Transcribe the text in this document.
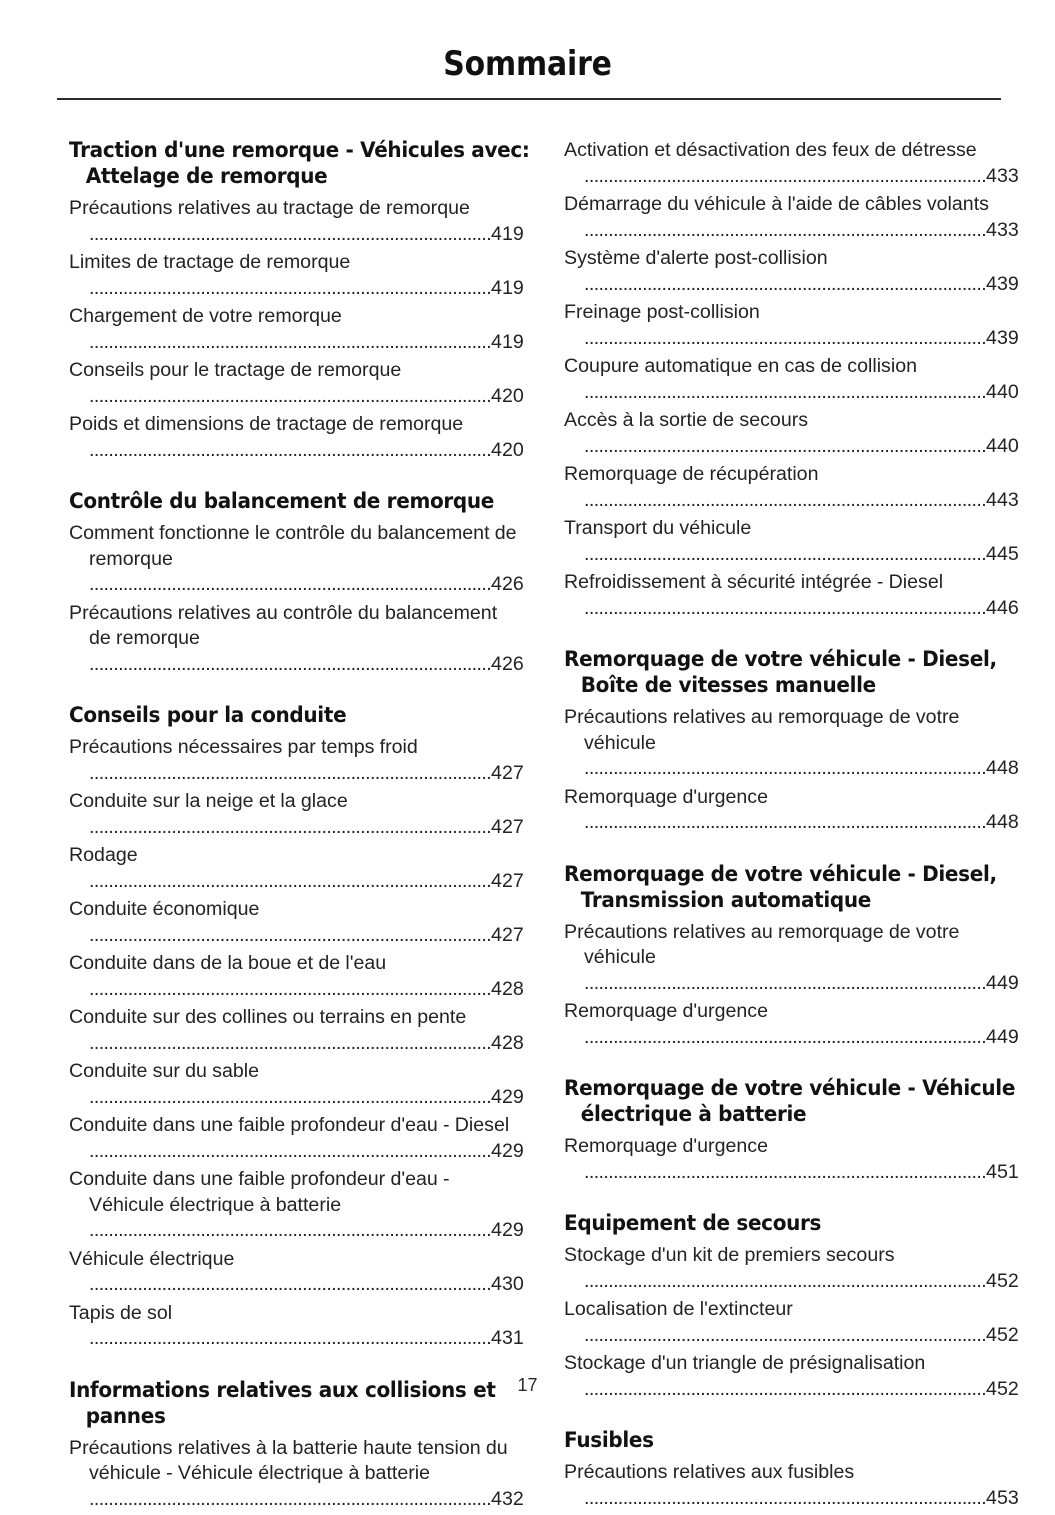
Sommaire
Traction d'une remorque - Véhicules avec: Attelage de remorque
Précautions relatives au tractage de remorque ...................................................................................419
Limites de tractage de remorque ...................................................................................419
Chargement de votre remorque ...................................................................................419
Conseils pour le tractage de remorque ...................................................................................420
Poids et dimensions de tractage de remorque ...................................................................................420
Contrôle du balancement de remorque
Comment fonctionne le contrôle du balancement de remorque ...................................................................................426
Précautions relatives au contrôle du balancement de remorque ...................................................................................426
Conseils pour la conduite
Précautions nécessaires par temps froid ...................................................................................427
Conduite sur la neige et la glace ...................................................................................427
Rodage ...................................................................................427
Conduite économique ...................................................................................427
Conduite dans de la boue et de l'eau ...................................................................................428
Conduite sur des collines ou terrains en pente ...................................................................................428
Conduite sur du sable ...................................................................................429
Conduite dans une faible profondeur d'eau - Diesel ...................................................................................429
Conduite dans une faible profondeur d'eau - Véhicule électrique à batterie ...................................................................................429
Véhicule électrique ...................................................................................430
Tapis de sol ...................................................................................431
Informations relatives aux collisions et pannes
Précautions relatives à la batterie haute tension du véhicule - Véhicule électrique à batterie ...................................................................................432
Activation et désactivation des feux de détresse ...................................................................................433
Démarrage du véhicule à l'aide de câbles volants ...................................................................................433
Système d'alerte post-collision ...................................................................................439
Freinage post-collision ...................................................................................439
Coupure automatique en cas de collision ...................................................................................440
Accès à la sortie de secours ...................................................................................440
Remorquage de récupération ...................................................................................443
Transport du véhicule ...................................................................................445
Refroidissement à sécurité intégrée - Diesel ...................................................................................446
Remorquage de votre véhicule - Diesel, Boîte de vitesses manuelle
Précautions relatives au remorquage de votre véhicule ...................................................................................448
Remorquage d'urgence ...................................................................................448
Remorquage de votre véhicule - Diesel, Transmission automatique
Précautions relatives au remorquage de votre véhicule ...................................................................................449
Remorquage d'urgence ...................................................................................449
Remorquage de votre véhicule - Véhicule électrique à batterie
Remorquage d'urgence ...................................................................................451
Equipement de secours
Stockage d'un kit de premiers secours ...................................................................................452
Localisation de l'extincteur ...................................................................................452
Stockage d'un triangle de présignalisation ...................................................................................452
Fusibles
Précautions relatives aux fusibles ...................................................................................453
17
